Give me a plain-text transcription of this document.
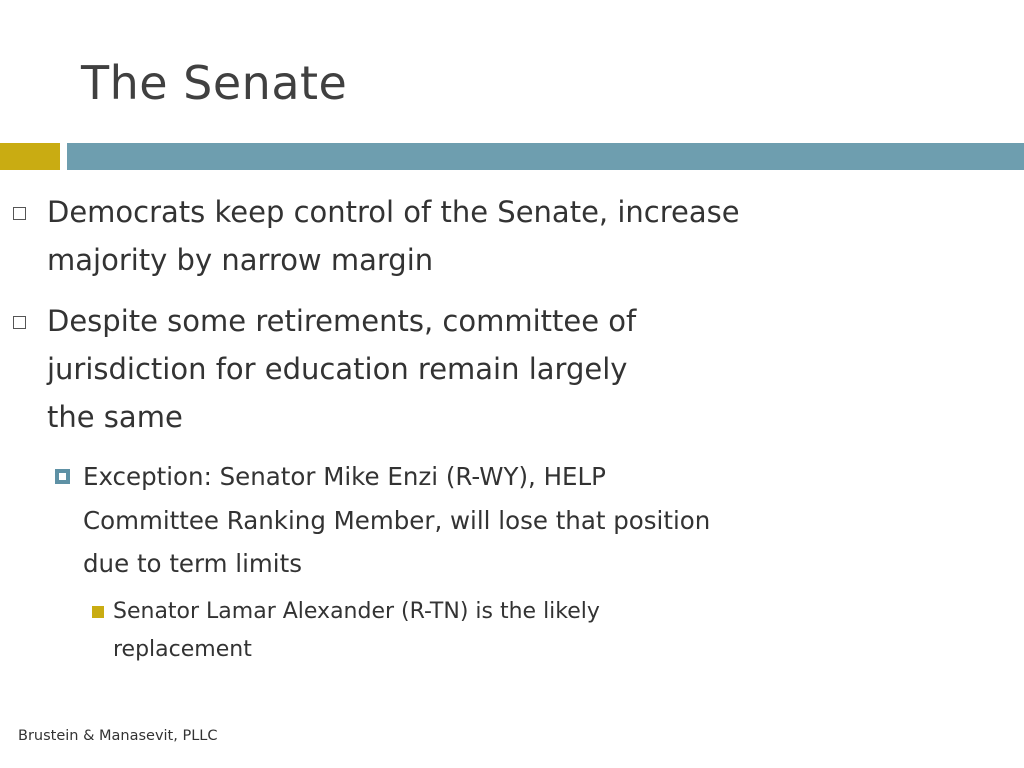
The Senate
Democrats keep control of the Senate, increase
majority by narrow margin
Despite some retirements, committee of
jurisdiction for education remain largely
the same
Exception: Senator Mike Enzi (R-WY), HELP
Committee Ranking Member, will lose that position
due to term limits
Senator Lamar Alexander (R-TN) is the likely
replacement
Brustein & Manasevit, PLLC
